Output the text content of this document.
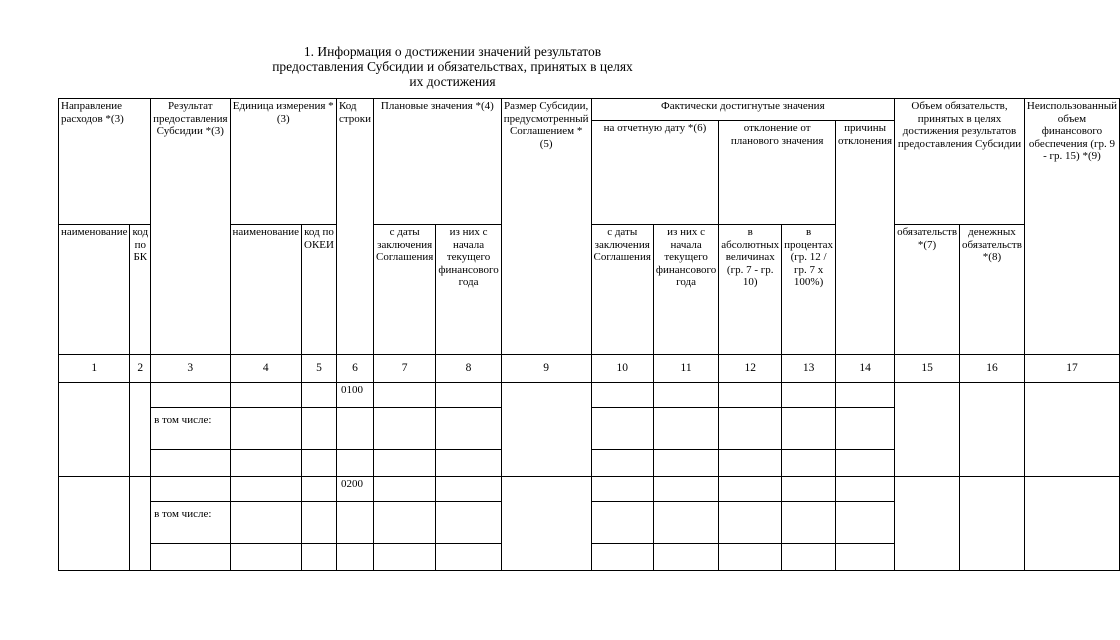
1. Информация о достижении значений результатов
предоставления Субсидии и обязательствах, принятых в целях
их достижения
Направление расходов *(3)		Результат предоставления Субсидии *(3)	Единица измерения *(3)		Код строки	Плановые значения *(4)		Размер Субсидии, предусмотренный Соглашением *(5)	Фактически достигнутые значения					Объем обязательств, принятых в целях достижения результатов предоставления Субсидии		Неиспользованный объем финансового обеспечения (гр. 9 - гр. 15) *(9)
									на отчетную дату *(6)		отклонение от планового значения		причины отклонения			
наименование	код по БК		наименование	код по ОКЕИ		с даты заключения Соглашения	из них с начала текущего финансового года		с даты заключения Соглашения	из них с начала текущего финансового года	в абсолютных величинах (гр. 7 - гр. 10)	в процентах (гр. 12 / гр. 7 x 100%)		обязательств *(7)	денежных обязательств *(8)	
1	2	3	4	5	6	7	8	9	10	11	12	13	14	15	16	17
					0100											
		в том числе:														

					0200											
		в том числе:														
